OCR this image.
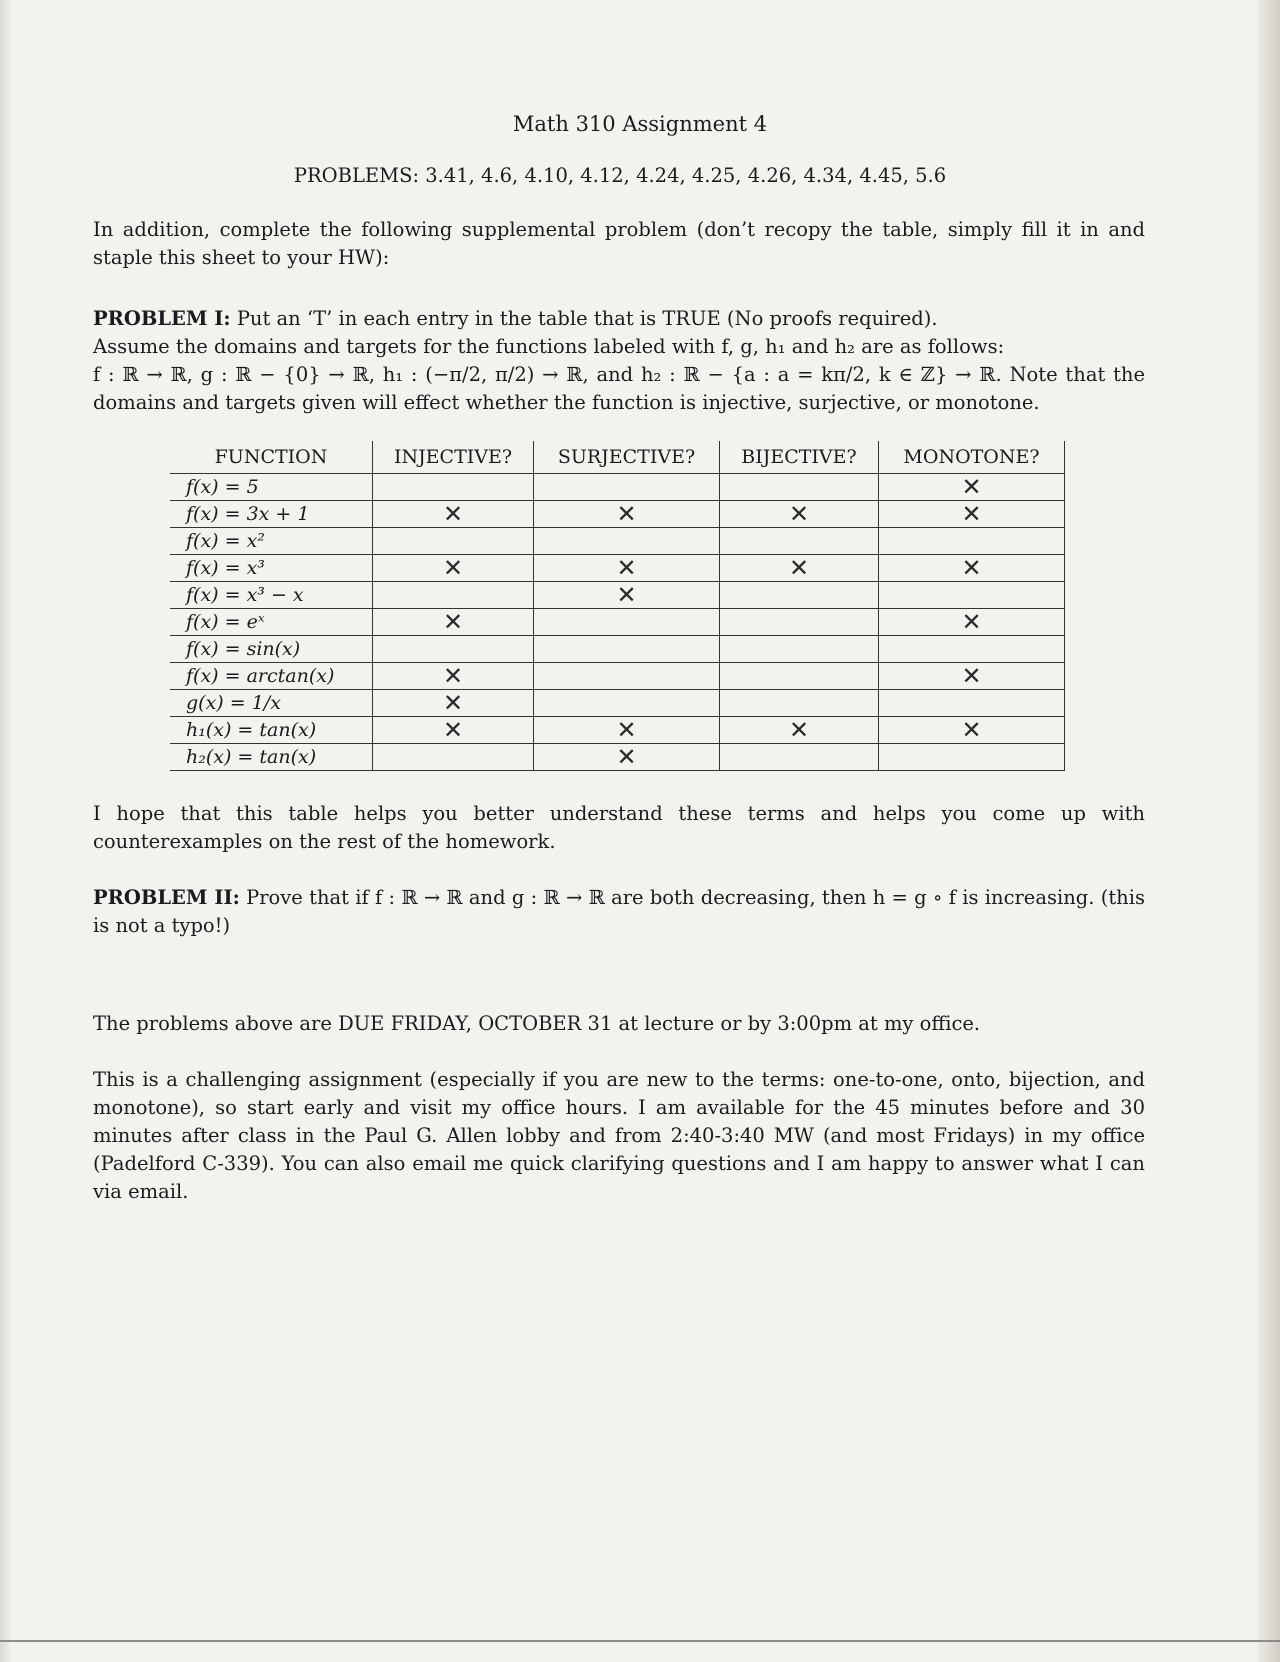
Math 310 Assignment 4
PROBLEMS: 3.41, 4.6, 4.10, 4.12, 4.24, 4.25, 4.26, 4.34, 4.45, 5.6
In addition, complete the following supplemental problem (don’t recopy the table, simply fill it in and staple this sheet to your HW):
PROBLEM I: Put an ‘T’ in each entry in the table that is TRUE (No proofs required).
Assume the domains and targets for the functions labeled with f, g, h₁ and h₂ are as follows:
f : ℝ → ℝ, g : ℝ − {0} → ℝ, h₁ : (−π/2, π/2) → ℝ, and h₂ : ℝ − {a : a = kπ/2, k ∈ ℤ} → ℝ. Note that the domains and targets given will effect whether the function is injective, surjective, or monotone.
FUNCTION	INJECTIVE?	SURJECTIVE?	BIJECTIVE?	MONOTONE?
f(x) = 5				✕
f(x) = 3x + 1	✕	✕	✕	✕
f(x) = x²				
f(x) = x³	✕	✕	✕	✕
f(x) = x³ − x		✕		
f(x) = eˣ	✕			✕
f(x) = sin(x)				
f(x) = arctan(x)	✕			✕
g(x) = 1/x	✕			
h₁(x) = tan(x)	✕	✕	✕	✕
h₂(x) = tan(x)		✕		
I hope that this table helps you better understand these terms and helps you come up with counterexamples on the rest of the homework.
PROBLEM II: Prove that if f : ℝ → ℝ and g : ℝ → ℝ are both decreasing, then h = g ∘ f is increasing. (this is not a typo!)
The problems above are DUE FRIDAY, OCTOBER 31 at lecture or by 3:00pm at my office.
This is a challenging assignment (especially if you are new to the terms: one-to-one, onto, bijection, and monotone), so start early and visit my office hours. I am available for the 45 minutes before and 30 minutes after class in the Paul G. Allen lobby and from 2:40-3:40 MW (and most Fridays) in my office (Padelford C-339). You can also email me quick clarifying questions and I am happy to answer what I can via email.
